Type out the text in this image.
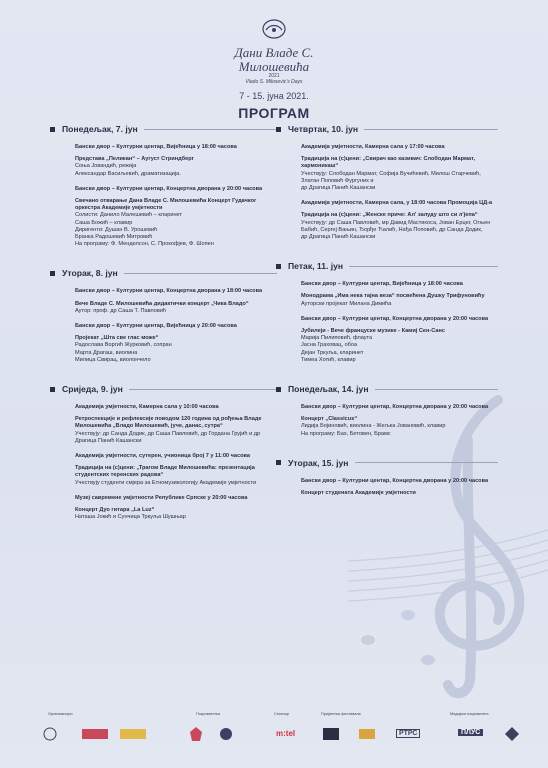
Дани Владе С.
Милошевића
2021
Vlado S. Milosevic's Days
7 - 15. јуна 2021.
ПРОГРАМ
Понедељак, 7. јун
Бански двор – Културни центар, Вијећница у 18:00 часова
Представа „Пеликан“ – Аугуст Стриндберг
Соња Јовандић, режија
Александар Васиљевић, драматизација.
Бански двор – Културни центар, Концертна дворана у 20:00 часова
Свечано отварање Дана Владе С. Милошевића Концерт Гудачког оркестра Академије умјетности
Солисти: Данило Малешевић – кларинет
Саша Божић – клавир
Диригенти: Душан В. Урошевић
Бранка Радошевић Митровић
На програму: Ф. Менделсон, С. Прокофјев, Ф. Шопен
Уторак, 8. јун
Бански двор – Културни центар, Концертна дворана у 18:00 часова
Вече Владе С. Милошевића дидактички концерт „Чика Владо“
Аутор: проф. др Саша Т. Павловић
Бански двор – Културни центар, Вијећница у 20:00 часова
Пројекат „Шта све глас може“
Радослава Воргић Журковић, сопран
Марта Драгаш, виолина
Милица Свирац, виолончело
Сриједа, 9. јун
Академија умјетности, Камерна сала у 10:00 часова
Ретроспекције и рефлексије поводом 120 година од рођења Владе Милошевића „Владо Милошевић, јуче, данас, сутра“
Учествују: др Санда Додик, др Саша Павловић, др Гордана Грујић и др Драгица Панић Кашански
Академија умјетности, сутерен, учионица број 7 у 11:00 часова
Традиција на (с)цени: „Трагом Владе Милошевића: презентација студентских теренских радова“
Учествују студенти смјера за Етномузикологију Академије умјетности
Музеј савремене умјетности Републике Српске у 20:00 часова
Концерт Дуо гитара „La Luz“
Наташа Јокић и Сунчица Тркуља Шушњар
Четвртак, 10. јун
Академија умјетности, Камерна сала у 17:00 часова
Традиција на (с)цени: „Свирач као казивач: Слободан Мармат, хармоникаш“
Учествују: Слободан Мармат, Софија Вучићевић, Милош Старчевић, Златан Поповић Фургуних и
др Драгица Панић Кашански
Академија умјетности, Камерна сала, у 18:00 часова Промоција ЦД-а
Традиција на (с)цени: „Женске приче: Ал' залуду што си л'јепа“
Учествују: др Саша Павловић, мр Давид Мастикоса, Јован Ерцег, Огњен Бабић, Сергеј Вањин, Ђорђе Ћалић, Нађа Поповић, др Санда Додик,
др Драгица Панић Кашански
Петак, 11. јун
Бански двор – Културни центар, Вијећница у 18:00 часова
Монодрама „Има нека тајна веза“ посвећена Душку Трифуновићу
Ауторски пројекат Милана Димића
Бански двор – Културни центар, Концертна дворана у 20:00 часова
Јубилеји - Вече француске музике - Камиј Сен-Санс
Марија Пилиповић, флаута
Јасна Граховац, обоа
Дејан Тркуља, кларинет
Тимеа Хотић, клавир
Понедељак, 14. јун
Бански двор – Културни центар, Концертна дворана у 20:00 часова
Концерт „Classicus“
Лидија Бојиновић, виолина - Жељка Јовановић, клавир
На програму: Бах, Бетовен, Брамс
Уторак, 15. јун
Бански двор – Културни центар, Концертна дворана у 20:00 часова
Концерт студената Академије умјетности
Организатори	Покровитељи	Спонзор	Пријатељи фестивала	Медијски покровитељ
m:tel	РТРС	ПЛУС
